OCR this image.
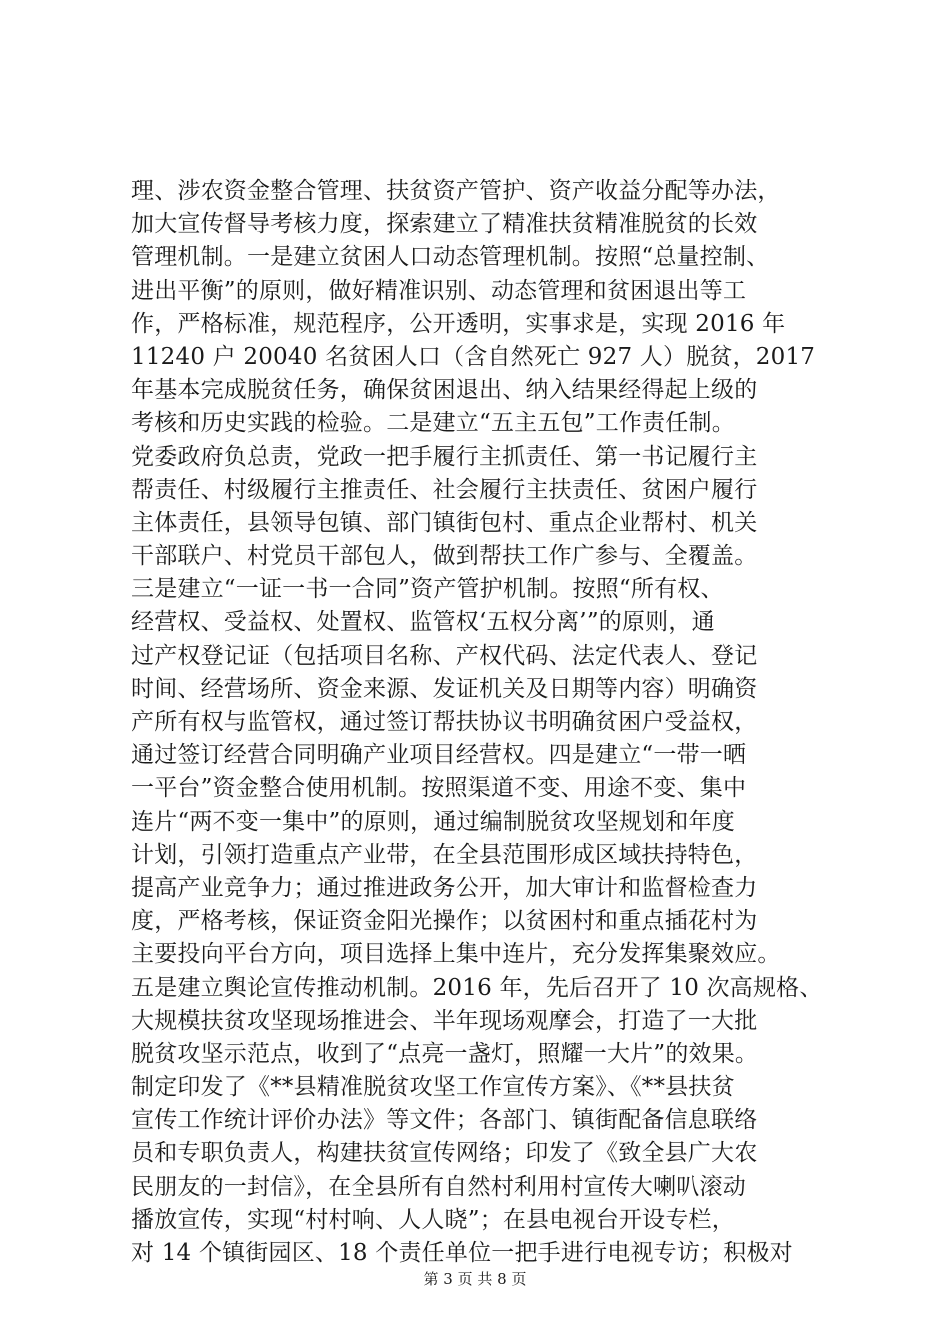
理、涉农资金整合管理、扶贫资产管护、资产收益分配等办法，
加大宣传督导考核力度，探索建立了精准扶贫精准脱贫的长效
管理机制。一是建立贫困人口动态管理机制。按照“总量控制、
进出平衡”的原则，做好精准识别、动态管理和贫困退出等工
作，严格标准，规范程序，公开透明，实事求是，实现 2016 年
11240 户 20040 名贫困人口（含自然死亡 927 人）脱贫，2017
年基本完成脱贫任务，确保贫困退出、纳入结果经得起上级的
考核和历史实践的检验。二是建立“五主五包”工作责任制。
党委政府负总责，党政一把手履行主抓责任、第一书记履行主
帮责任、村级履行主推责任、社会履行主扶责任、贫困户履行
主体责任，县领导包镇、部门镇街包村、重点企业帮村、机关
干部联户、村党员干部包人，做到帮扶工作广参与、全覆盖。
三是建立“一证一书一合同”资产管护机制。按照“所有权、
经营权、受益权、处置权、监管权‘五权分离’”的原则，通
过产权登记证（包括项目名称、产权代码、法定代表人、登记
时间、经营场所、资金来源、发证机关及日期等内容）明确资
产所有权与监管权，通过签订帮扶协议书明确贫困户受益权，
通过签订经营合同明确产业项目经营权。四是建立“一带一晒
一平台”资金整合使用机制。按照渠道不变、用途不变、集中
连片“两不变一集中”的原则，通过编制脱贫攻坚规划和年度
计划，引领打造重点产业带，在全县范围形成区域扶持特色，
提高产业竞争力；通过推进政务公开，加大审计和监督检查力
度，严格考核，保证资金阳光操作；以贫困村和重点插花村为
主要投向平台方向，项目选择上集中连片，充分发挥集聚效应。
五是建立舆论宣传推动机制。2016 年，先后召开了 10 次高规格、
大规模扶贫攻坚现场推进会、半年现场观摩会，打造了一大批
脱贫攻坚示范点，收到了“点亮一盏灯，照耀一大片”的效果。
制定印发了《**县精准脱贫攻坚工作宣传方案》、《**县扶贫
宣传工作统计评价办法》等文件；各部门、镇街配备信息联络
员和专职负责人，构建扶贫宣传网络；印发了《致全县广大农
民朋友的一封信》，在全县所有自然村利用村宣传大喇叭滚动
播放宣传，实现“村村响、人人晓”；在县电视台开设专栏，
对 14 个镇街园区、18 个责任单位一把手进行电视专访；积极对
第 3 页 共 8 页
